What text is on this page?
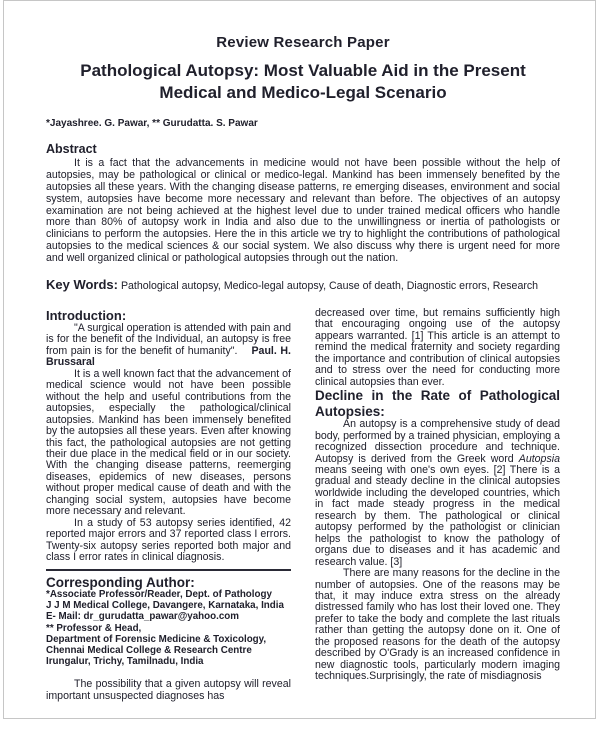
Review Research Paper
Pathological Autopsy: Most Valuable Aid in the Present Medical and Medico-Legal Scenario
*Jayashree. G. Pawar, ** Gurudatta. S. Pawar
Abstract
It is a fact that the advancements in medicine would not have been possible without the help of autopsies, may be pathological or clinical or medico-legal. Mankind has been immensely benefited by the autopsies all these years. With the changing disease patterns, re emerging diseases, environment and social system, autopsies have become more necessary and relevant than before. The objectives of an autopsy examination are not being achieved at the highest level due to under trained medical officers who handle more than 80% of autopsy work in India and also due to the unwillingness or inertia of pathologists or clinicians to perform the autopsies. Here the in this article we try to highlight the contributions of pathological autopsies to the medical sciences & our social system. We also discuss why there is urgent need for more and well organized clinical or pathological autopsies through out the nation.
Key Words: Pathological autopsy, Medico-legal autopsy, Cause of death, Diagnostic errors, Research
Introduction:

"A surgical operation is attended with pain and is for the benefit of the Individual, an autopsy is free from pain is for the benefit of humanity". Paul. H. Brussaral

It is a well known fact that the advancement of medical science would not have been possible without the help and useful contributions from the autopsies, especially the pathological/clinical autopsies. Mankind has been immensely benefited by the autopsies all these years. Even after knowing this fact, the pathological autopsies are not getting their due place in the medical field or in our society. With the changing disease patterns, reemerging diseases, epidemics of new diseases, persons without proper medical cause of death and with the changing social system, autopsies have become more necessary and relevant.

In a study of 53 autopsy series identified, 42 reported major errors and 37 reported class I errors. Twenty-six autopsy series reported both major and class I error rates in clinical diagnosis.

Corresponding Author:
*Associate Professor/Reader, Dept. of Pathology
J J M Medical College, Davangere, Karnataka, India
E- Mail: dr_gurudatta_pawar@yahoo.com
** Professor & Head,
Department of Forensic Medicine & Toxicology,
Chennai Medical College & Research Centre
Irungalur, Trichy, Tamilnadu, India

The possibility that a given autopsy will reveal important unsuspected diagnoses has

decreased over time, but remains sufficiently high that encouraging ongoing use of the autopsy appears warranted. [1] This article is an attempt to remind the medical fraternity and society regarding the importance and contribution of clinical autopsies and to stress over the need for conducting more clinical autopsies than ever.

Decline in the Rate of Pathological Autopsies:

An autopsy is a comprehensive study of dead body, performed by a trained physician, employing a recognized dissection procedure and technique. Autopsy is derived from the Greek word Autopsia means seeing with one's own eyes. [2] There is a gradual and steady decline in the clinical autopsies worldwide including the developed countries, which in fact made steady progress in the medical research by them. The pathological or clinical autopsy performed by the pathologist or clinician helps the pathologist to know the pathology of organs due to diseases and it has academic and research value. [3]

There are many reasons for the decline in the number of autopsies. One of the reasons may be that, it may induce extra stress on the already distressed family who has lost their loved one. They prefer to take the body and complete the last rituals rather than getting the autopsy done on it. One of the proposed reasons for the death of the autopsy described by O'Grady is an increased confidence in new diagnostic tools, particularly modern imaging techniques.Surprisingly, the rate of misdiagnosis
